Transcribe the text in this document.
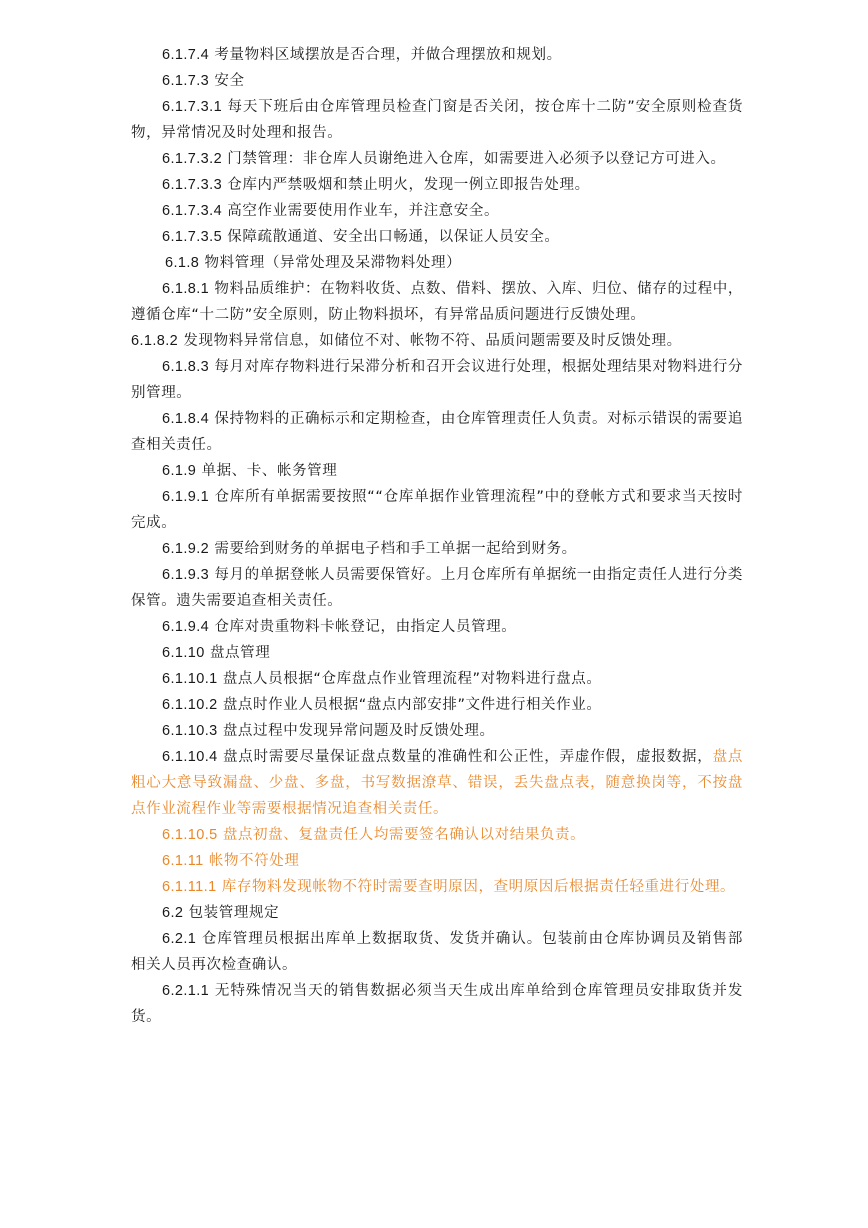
6.1.7.4 考量物料区域摆放是否合理，并做合理摆放和规划。

6.1.7.3 安全

6.1.7.3.1 每天下班后由仓库管理员检查门窗是否关闭，按仓库十二防”安全原则检查货物，异常情况及时处理和报告。

6.1.7.3.2 门禁管理：非仓库人员谢绝进入仓库，如需要进入必须予以登记方可进入。

6.1.7.3.3 仓库内严禁吸烟和禁止明火，发现一例立即报告处理。

6.1.7.3.4 高空作业需要使用作业车，并注意安全。

6.1.7.3.5 保障疏散通道、安全出口畅通，以保证人员安全。

6.1.8 物料管理（异常处理及呆滞物料处理）

6.1.8.1 物料品质维护：在物料收货、点数、借料、摆放、入库、归位、储存的过程中，遵循仓库“十二防”安全原则，防止物料损坏，有异常品质问题进行反馈处理。

6.1.8.2 发现物料异常信息，如储位不对、帐物不符、品质问题需要及时反馈处理。

6.1.8.3 每月对库存物料进行呆滞分析和召开会议进行处理，根据处理结果对物料进行分别管理。

6.1.8.4 保持物料的正确标示和定期检查，由仓库管理责任人负责。对标示错误的需要追查相关责任。

6.1.9 单据、卡、帐务管理

6.1.9.1 仓库所有单据需要按照““仓库单据作业管理流程”中的登帐方式和要求当天按时完成。

6.1.9.2 需要给到财务的单据电子档和手工单据一起给到财务。

6.1.9.3 每月的单据登帐人员需要保管好。上月仓库所有单据统一由指定责任人进行分类保管。遗失需要追查相关责任。

6.1.9.4 仓库对贵重物料卡帐登记，由指定人员管理。

6.1.10 盘点管理

6.1.10.1 盘点人员根据“仓库盘点作业管理流程”对物料进行盘点。

6.1.10.2 盘点时作业人员根据“盘点内部安排”文件进行相关作业。

6.1.10.3 盘点过程中发现异常问题及时反馈处理。

6.1.10.4 盘点时需要尽量保证盘点数量的准确性和公正性，弄虚作假，虚报数据，盘点粗心大意导致漏盘、少盘、多盘，书写数据潦草、错误，丢失盘点表，随意换岗等，不按盘点作业流程作业等需要根据情况追查相关责任。

6.1.10.5 盘点初盘、复盘责任人均需要签名确认以对结果负责。

6.1.11 帐物不符处理

6.1.11.1 库存物料发现帐物不符时需要查明原因，查明原因后根据责任轻重进行处理。

6.2 包装管理规定

6.2.1 仓库管理员根据出库单上数据取货、发货并确认。包装前由仓库协调员及销售部相关人员再次检查确认。

6.2.1.1 无特殊情况当天的销售数据必须当天生成出库单给到仓库管理员安排取货并发货。
